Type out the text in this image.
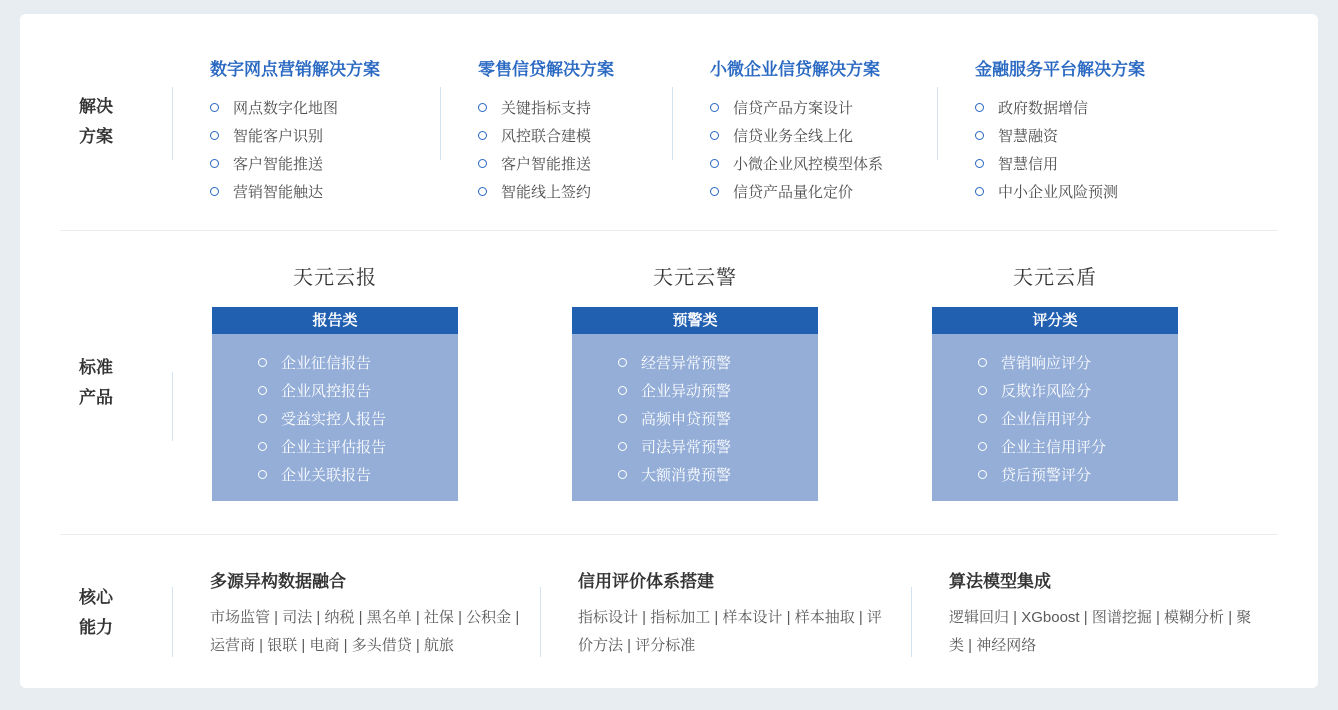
解决
方案
数字网点营销解决方案
网点数字化地图
智能客户识别
客户智能推送
营销智能触达
零售信贷解决方案
关键指标支持
风控联合建模
客户智能推送
智能线上签约
小微企业信贷解决方案
信贷产品方案设计
信贷业务全线上化
小微企业风控模型体系
信贷产品量化定价
金融服务平台解决方案
政府数据增信
智慧融资
智慧信用
中小企业风险预测
标准
产品
天元云报
报告类
企业征信报告
企业风控报告
受益实控人报告
企业主评估报告
企业关联报告
天元云警
预警类
经营异常预警
企业异动预警
高频申贷预警
司法异常预警
大额消费预警
天元云盾
评分类
营销响应评分
反欺诈风险分
企业信用评分
企业主信用评分
贷后预警评分
核心
能力
多源异构数据融合
市场监管 | 司法 | 纳税 | 黑名单 | 社保 | 公积金 | 运营商 | 银联 | 电商 | 多头借贷 | 航旅
信用评价体系搭建
指标设计 | 指标加工 | 样本设计 | 样本抽取 | 评价方法 | 评分标准
算法模型集成
逻辑回归 | XGboost | 图谱挖掘 | 模糊分析 | 聚类 | 神经网络
